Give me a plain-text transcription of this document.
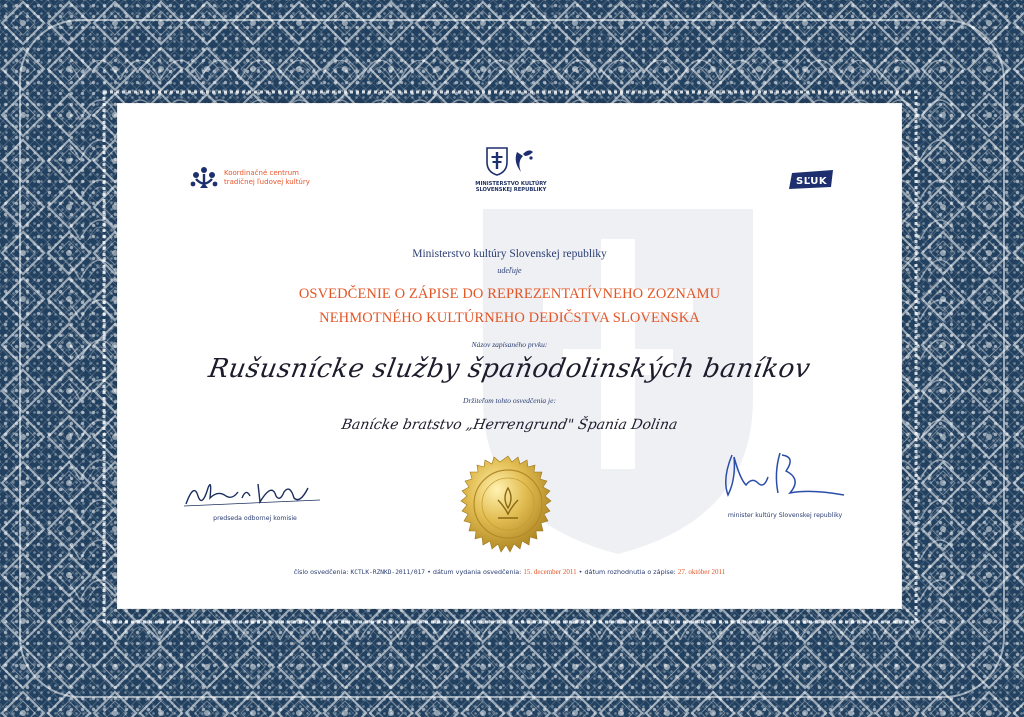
Koordinačné centrum
tradičnej ľudovej kultúry	MINISTERSTVO KULTÚRY
SLOVENSKEJ REPUBLIKY
SĽUK
Ministerstvo kultúry Slovenskej republiky
udeľuje
OSVEDČENIE O ZÁPISE DO REPREZENTATÍVNEHO ZOZNAMU
NEHMOTNÉHO KULTÚRNEHO DEDIČSTVA SLOVENSKA
Názov zapísaného prvku:
Rušusnícke služby špaňodolinských baníkov
Držiteľom tohto osvedčenia je:
Banícke bratstvo „Herrengrund" Špania Dolina
predseda odbornej komisie	minister kultúry Slovenskej republiky
číslo osvedčenia: KCTLK-RZNKD-2011/017 • dátum vydania osvedčenia: 15. december 2011 • dátum rozhodnutia o zápise: 27. október 2011
